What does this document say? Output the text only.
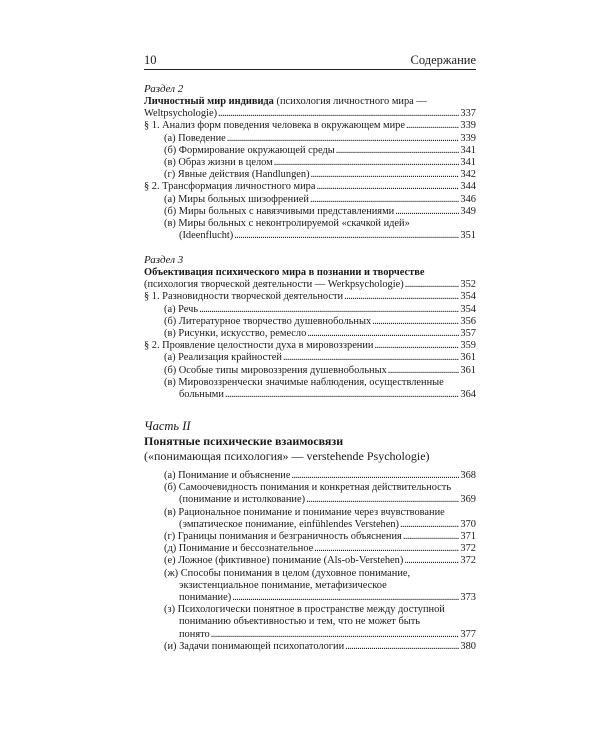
10	Содержание
Раздел 2
Личностный мир индивида (психология личностного мира —
Weltpsychologie) . . .	337
§ 1. Анализ форм поведения человека в окружающем мире . . .	339
(а) Поведение . . .	339
(б) Формирование окружающей среды . . .	341
(в) Образ жизни в целом . . .	341
(г) Явные действия (Handlungen) . . .	342
§ 2. Трансформация личностного мира . . .	344
(а) Миры больных шизофренией . . .	346
(б) Миры больных с навязчивыми представлениями . . .	349
(в) Миры больных с неконтролируемой «скачкой идей»
(Ideenflucht) . . .	351
Раздел 3
Объективация психического мира в познании и творчестве
(психология творческой деятельности — Werkpsychologie) . . .	352
§ 1. Разновидности творческой деятельности . . .	354
(а) Речь . . .	354
(б) Литературное творчество душевнобольных . . .	356
(в) Рисунки, искусство, ремесло . . .	357
§ 2. Проявление целостности духа в мировоззрении . . .	359
(а) Реализация крайностей . . .	361
(б) Особые типы мировоззрения душевнобольных . . .	361
(в) Мировоззренчески значимые наблюдения, осуществленные
больными . . .	364
Часть II
Понятные психические взаимосвязи
(«понимающая психология» — verstehende Psychologie)
(а) Понимание и объяснение . . .	368
(б) Самоочевидность понимания и конкретная действительность
(понимание и истолкование) . . .	369
(в) Рациональное понимание и понимание через вчувствование
(эмпатическое понимание, einfühlendes Verstehen) . . .	370
(г) Границы понимания и безграничность объяснения . . .	371
(д) Понимание и бессознательное . . .	372
(е) Ложное (фиктивное) понимание (Als-ob-Verstehen) . . .	372
(ж) Способы понимания в целом (духовное понимание,
экзистенциальное понимание, метафизическое
понимание) . . .	373
(з) Психологически понятное в пространстве между доступной
пониманию объективностью и тем, что не может быть
понято . . .	377
(и) Задачи понимающей психопатологии . . .	380
